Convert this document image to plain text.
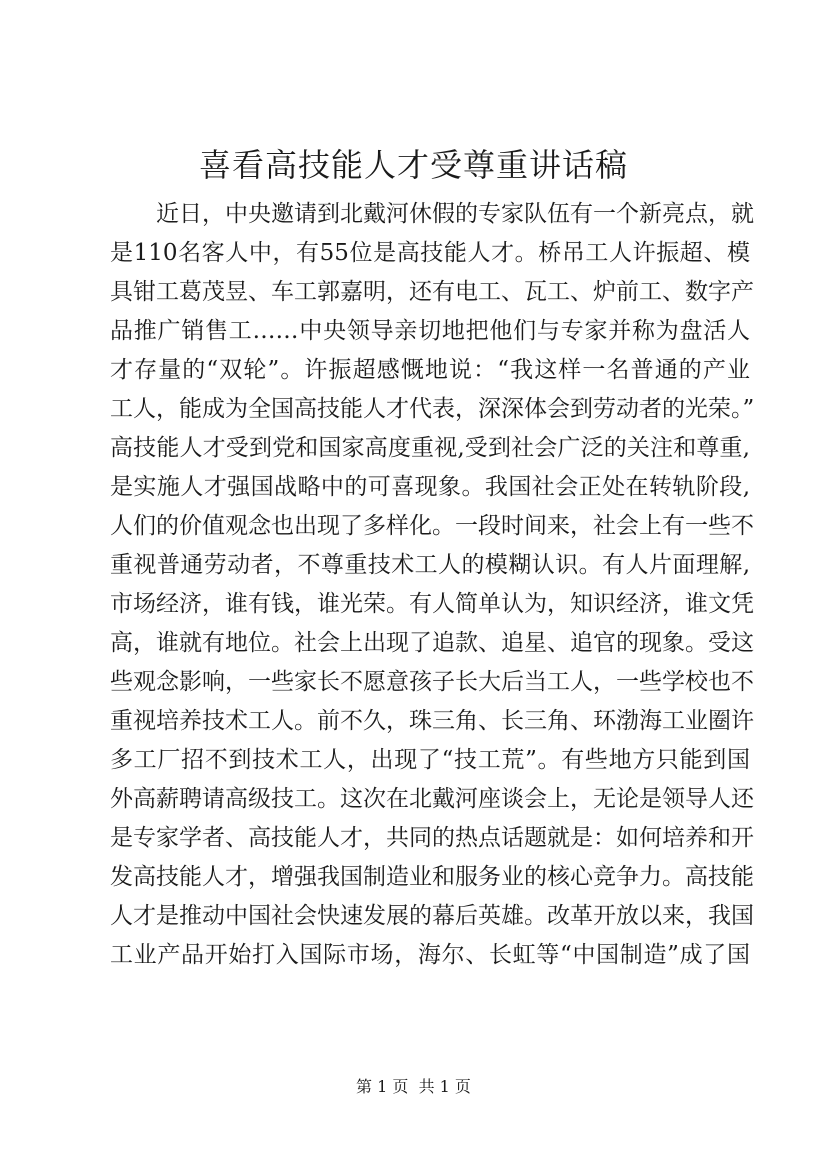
喜看高技能人才受尊重讲话稿
近日，中央邀请到北戴河休假的专家队伍有一个新亮点，就
是110名客人中，有55位是高技能人才。桥吊工人许振超、模
具钳工葛茂昱、车工郭嘉明，还有电工、瓦工、炉前工、数字产
品推广销售工……中央领导亲切地把他们与专家并称为盘活人
才存量的“双轮”。许振超感慨地说：“我这样一名普通的产业
工人，能成为全国高技能人才代表，深深体会到劳动者的光荣。”
高技能人才受到党和国家高度重视,受到社会广泛的关注和尊重,
是实施人才强国战略中的可喜现象。我国社会正处在转轨阶段,
人们的价值观念也出现了多样化。一段时间来，社会上有一些不
重视普通劳动者，不尊重技术工人的模糊认识。有人片面理解,
市场经济，谁有钱，谁光荣。有人简单认为，知识经济，谁文凭
高，谁就有地位。社会上出现了追款、追星、追官的现象。受这
些观念影响，一些家长不愿意孩子长大后当工人，一些学校也不
重视培养技术工人。前不久，珠三角、长三角、环渤海工业圈许
多工厂招不到技术工人，出现了“技工荒”。有些地方只能到国
外高薪聘请高级技工。这次在北戴河座谈会上，无论是领导人还
是专家学者、高技能人才，共同的热点话题就是：如何培养和开
发高技能人才，增强我国制造业和服务业的核心竞争力。高技能
人才是推动中国社会快速发展的幕后英雄。改革开放以来，我国
工业产品开始打入国际市场，海尔、长虹等“中国制造”成了国
第 1 页  共 1 页
